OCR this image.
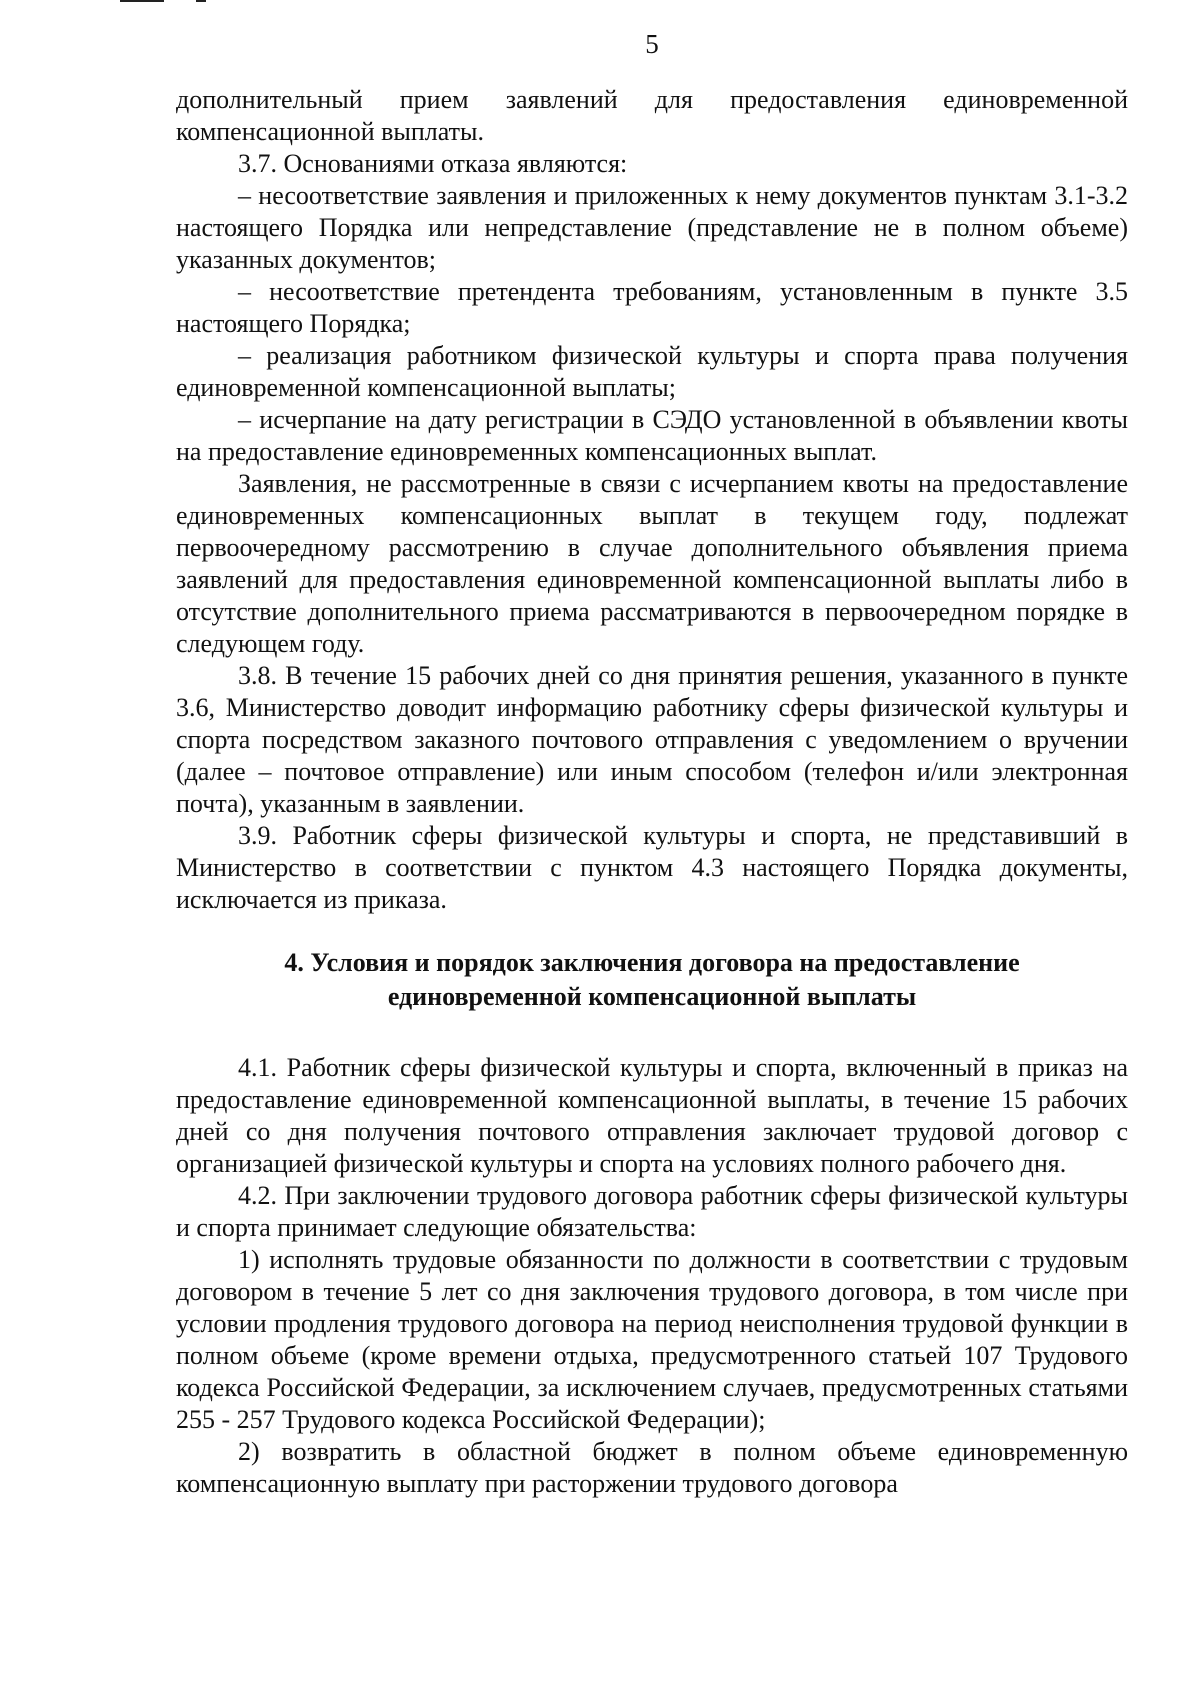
5

дополнительный прием заявлений для предоставления единовременной компенсационной выплаты.

3.7. Основаниями отказа являются:

– несоответствие заявления и приложенных к нему документов пунктам 3.1-3.2 настоящего Порядка или непредставление (представление не в полном объеме) указанных документов;

– несоответствие претендента требованиям, установленным в пункте 3.5 настоящего Порядка;

– реализация работником физической культуры и спорта права получения единовременной компенсационной выплаты;

– исчерпание на дату регистрации в СЭДО установленной в объявлении квоты на предоставление единовременных компенсационных выплат.

Заявления, не рассмотренные в связи с исчерпанием квоты на предоставление единовременных компенсационных выплат в текущем году, подлежат первоочередному рассмотрению в случае дополнительного объявления приема заявлений для предоставления единовременной компенсационной выплаты либо в отсутствие дополнительного приема рассматриваются в первоочередном порядке в следующем году.

3.8. В течение 15 рабочих дней со дня принятия решения, указанного в пункте 3.6, Министерство доводит информацию работнику сферы физической культуры и спорта посредством заказного почтового отправления с уведомлением о вручении (далее – почтовое отправление) или иным способом (телефон и/или электронная почта), указанным в заявлении.

3.9. Работник сферы физической культуры и спорта, не представивший в Министерство в соответствии с пунктом 4.3 настоящего Порядка документы, исключается из приказа.

4. Условия и порядок заключения договора на предоставление
единовременной компенсационной выплаты

4.1. Работник сферы физической культуры и спорта, включенный в приказ на предоставление единовременной компенсационной выплаты, в течение 15 рабочих дней со дня получения почтового отправления заключает трудовой договор с организацией физической культуры и спорта на условиях полного рабочего дня.

4.2. При заключении трудового договора работник сферы физической культуры и спорта принимает следующие обязательства:

1) исполнять трудовые обязанности по должности в соответствии с трудовым договором в течение 5 лет со дня заключения трудового договора, в том числе при условии продления трудового договора на период неисполнения трудовой функции в полном объеме (кроме времени отдыха, предусмотренного статьей 107 Трудового кодекса Российской Федерации, за исключением случаев, предусмотренных статьями 255 - 257 Трудового кодекса Российской Федерации);

2) возвратить в областной бюджет в полном объеме единовременную компенсационную выплату при расторжении трудового договора
